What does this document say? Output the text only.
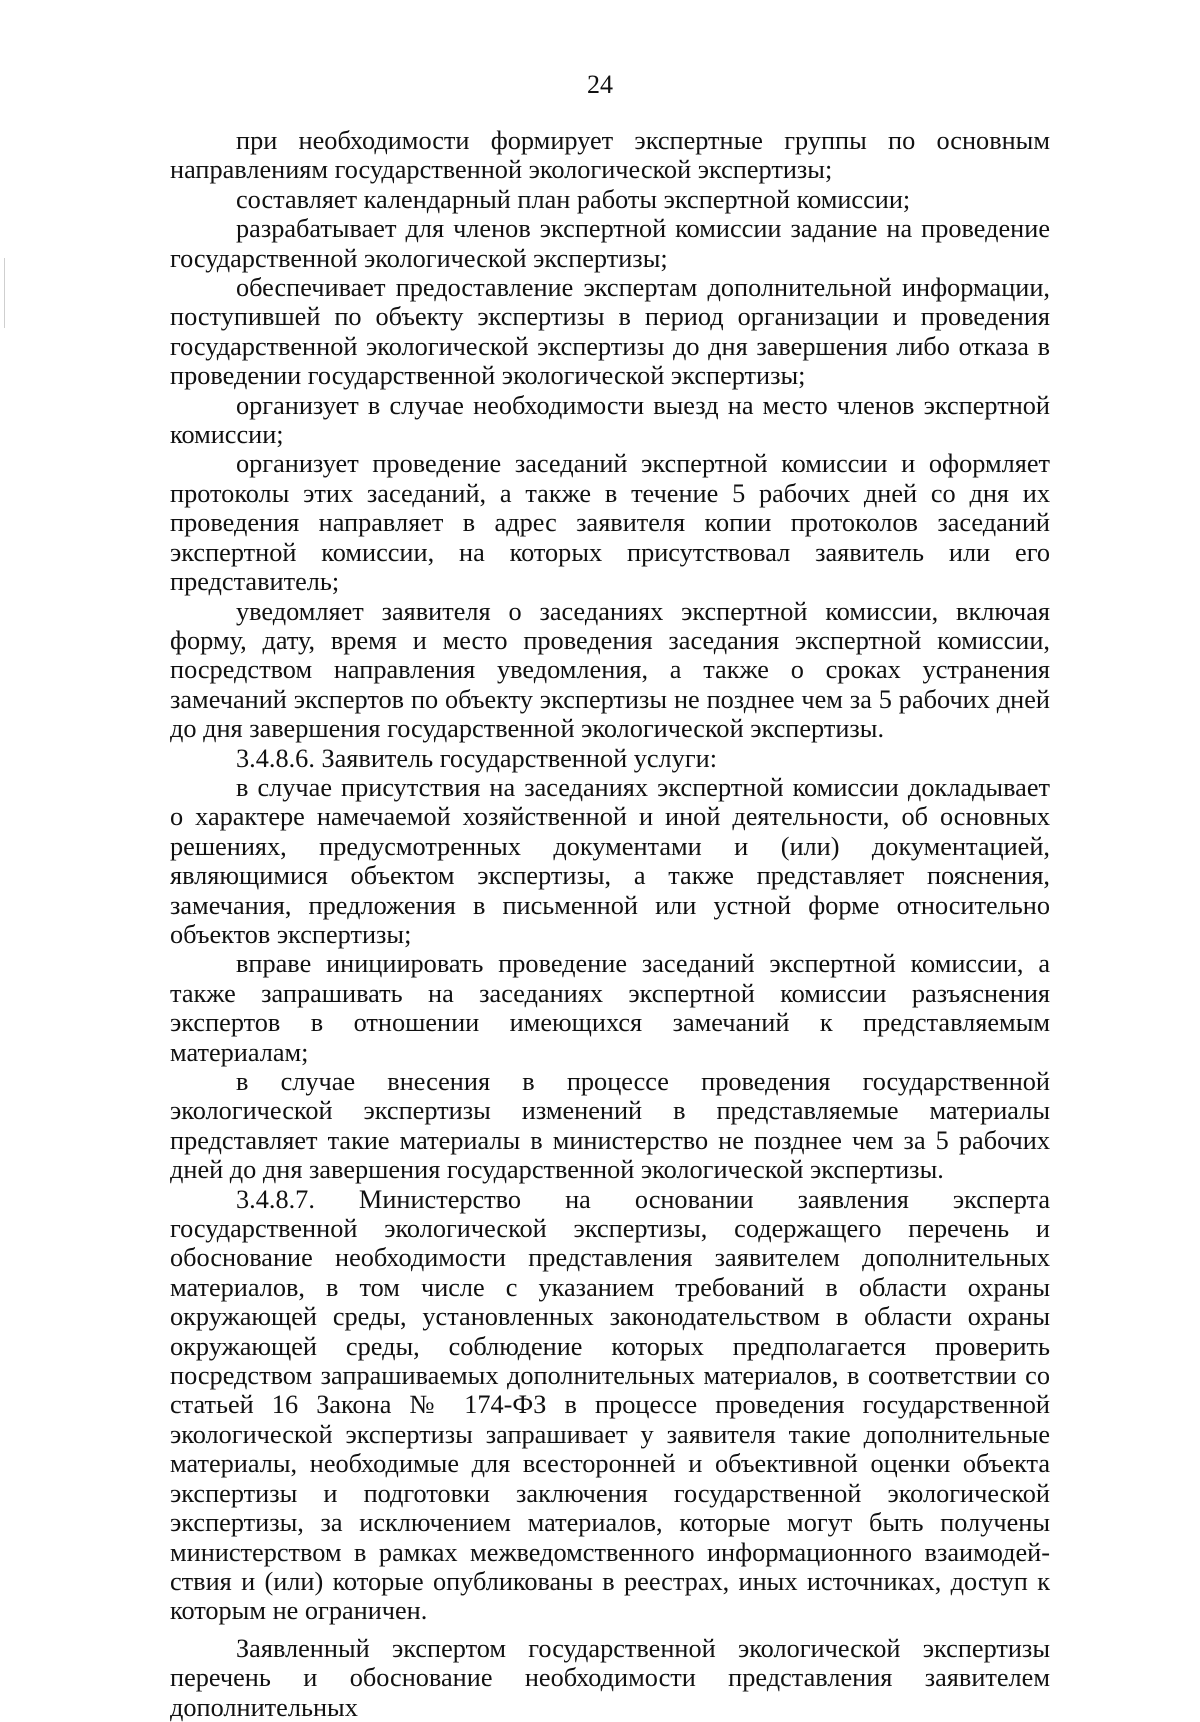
24

при необходимости формирует экспертные группы по основным направлениям государственной экологической экспертизы;

составляет календарный план работы экспертной комиссии;

разрабатывает для членов экспертной комиссии задание на проведение государственной экологической экспертизы;

обеспечивает предоставление экспертам дополнительной информации, поступившей по объекту экспертизы в период организации и проведения государственной экологической экспертизы до дня завершения либо отказа в проведении государственной экологической экспертизы;

организует в случае необходимости выезд на место членов экспертной комиссии;

организует проведение заседаний экспертной комиссии и оформляет протоколы этих заседаний, а также в течение 5 рабочих дней со дня их проведения направляет в адрес заявителя копии протоколов заседаний экспертной комиссии, на которых присутствовал заявитель или его представитель;

уведомляет заявителя о заседаниях экспертной комиссии, включая форму, дату, время и место проведения заседания экспертной комиссии, посредством направления уведомления, а также о сроках устранения замечаний экспертов по объекту экспертизы не позднее чем за 5 рабочих дней до дня завершения государственной экологической экспертизы.

3.4.8.6. Заявитель государственной услуги:

в случае присутствия на заседаниях экспертной комиссии докладывает о характере намечаемой хозяйственной и иной деятельности, об основных решениях, предусмотренных документами и (или) документацией, являющимися объектом экспертизы, а также представляет пояснения, замечания, предложения в письменной или устной форме относительно объектов экспертизы;

вправе инициировать проведение заседаний экспертной комиссии, а также запрашивать на заседаниях экспертной комиссии разъяснения экспертов в отношении имеющихся замечаний к представляемым материалам;

в случае внесения в процессе проведения государственной экологической экспертизы изменений в представляемые материалы представляет такие материалы в министерство не позднее чем за 5 рабочих дней до дня завершения государственной экологической экспертизы.

3.4.8.7. Министерство на основании заявления эксперта государственной экологической экспертизы, содержащего перечень и обоснование необходимости представления заявителем дополнительных материалов, в том числе с указанием требований в области охраны окружающей среды, установленных законодательством в области охраны окружающей среды, соблюдение которых предполагается проверить посредством запрашиваемых дополнительных материалов, в соответствии со статьей 16 Закона № 174-ФЗ в процессе проведения государственной экологической экспертизы запрашивает у заявителя такие дополнительные материалы, необходимые для всесторонней и объективной оценки объекта экспертизы и подготовки заключения государственной экологической экспертизы, за исключением материалов, которые могут быть получены министерством в рамках межведомственного информационного взаимодействия и (или) которые опубликованы в реестрах, иных источниках, доступ к которым не ограничен.

Заявленный экспертом государственной экологической экспертизы перечень и обоснование необходимости представления заявителем дополнительных
